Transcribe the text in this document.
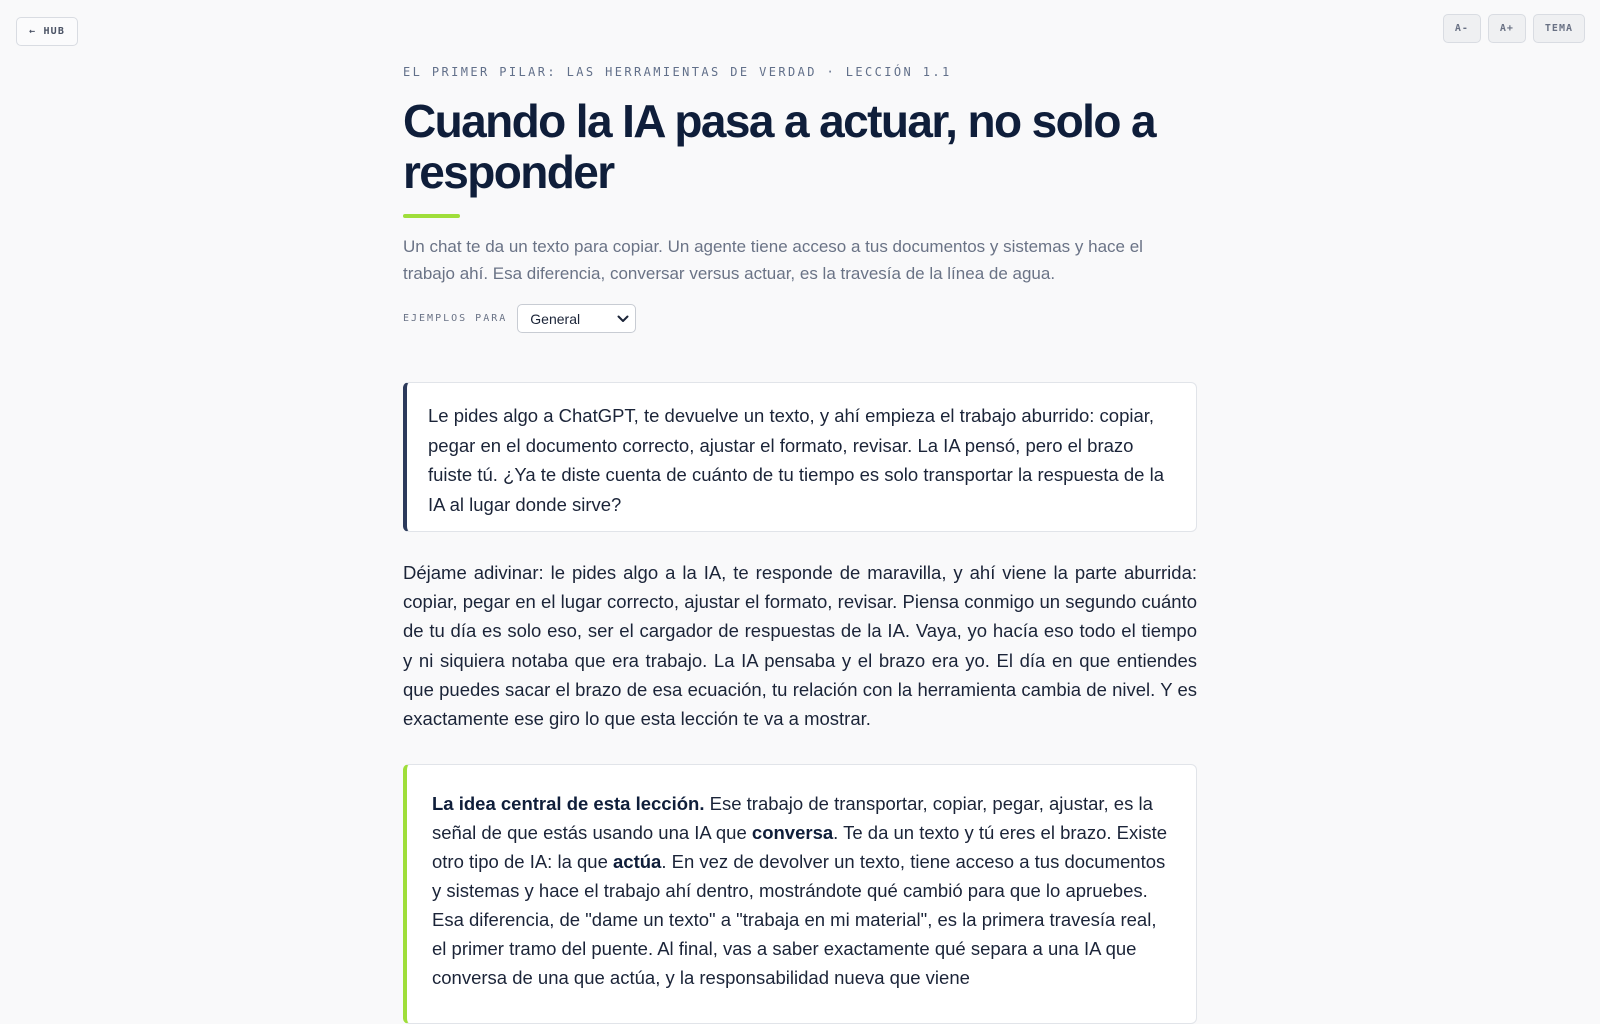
← HUB	A-	A+	TEMA
EL PRIMER PILAR: LAS HERRAMIENTAS DE VERDAD · LECCIÓN 1.1
Cuando la IA pasa a actuar, no solo a responder

Un chat te da un texto para copiar. Un agente tiene acceso a tus documentos y sistemas y hace el trabajo ahí. Esa diferencia, conversar versus actuar, es la travesía de la línea de agua.

EJEMPLOS PARA General
Le pides algo a ChatGPT, te devuelve un texto, y ahí empieza el trabajo aburrido: copiar, pegar en el documento correcto, ajustar el formato, revisar. La IA pensó, pero el brazo fuiste tú. ¿Ya te diste cuenta de cuánto de tu tiempo es solo transportar la respuesta de la IA al lugar donde sirve?

Déjame adivinar: le pides algo a la IA, te responde de maravilla, y ahí viene la parte aburrida: copiar, pegar en el lugar correcto, ajustar el formato, revisar. Piensa conmigo un segundo cuánto de tu día es solo eso, ser el cargador de respuestas de la IA. Vaya, yo hacía eso todo el tiempo y ni siquiera notaba que era trabajo. La IA pensaba y el brazo era yo. El día en que entiendes que puedes sacar el brazo de esa ecuación, tu relación con la herramienta cambia de nivel. Y es exactamente ese giro lo que esta lección te va a mostrar.

La idea central de esta lección. Ese trabajo de transportar, copiar, pegar, ajustar, es la señal de que estás usando una IA que conversa. Te da un texto y tú eres el brazo. Existe otro tipo de IA: la que actúa. En vez de devolver un texto, tiene acceso a tus documentos y sistemas y hace el trabajo ahí dentro, mostrándote qué cambió para que lo apruebes. Esa diferencia, de "dame un texto" a "trabaja en mi material", es la primera travesía real, el primer tramo del puente. Al final, vas a saber exactamente qué separa a una IA que conversa de una que actúa, y la responsabilidad nueva que viene
